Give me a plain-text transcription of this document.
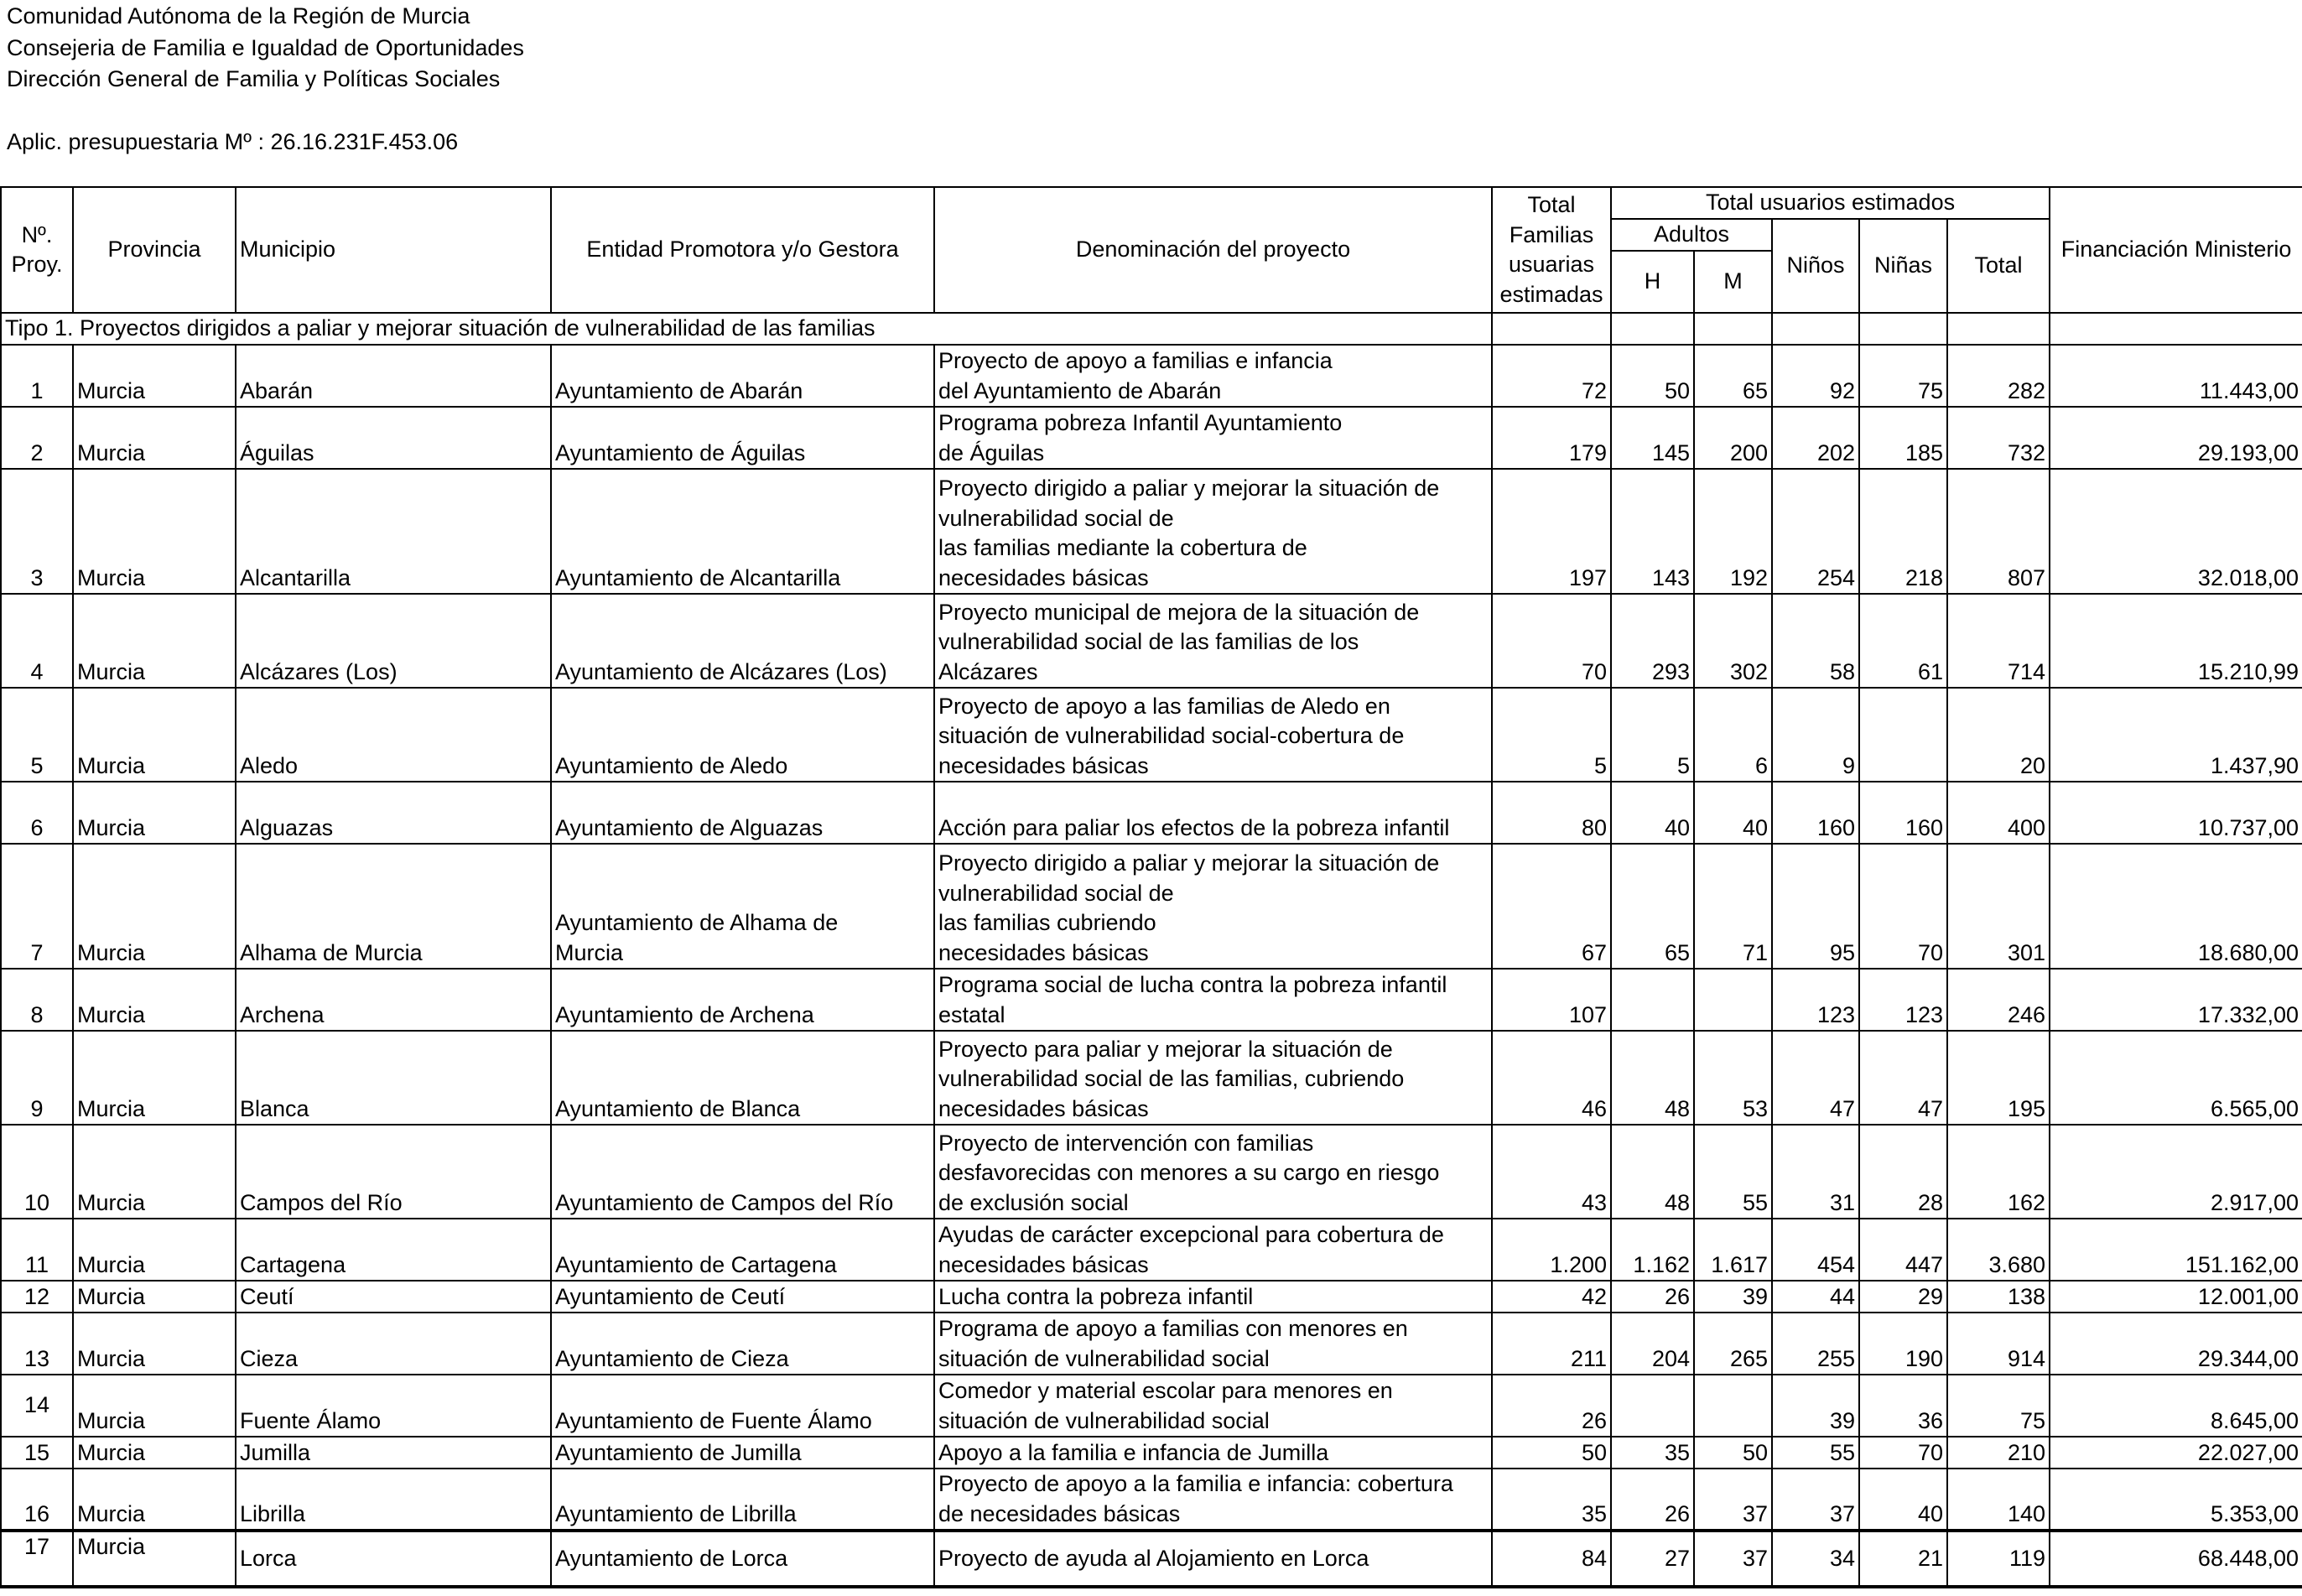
Comunidad Autónoma de la Región de Murcia
Consejeria de Familia e Igualdad de Oportunidades
Dirección General de Familia y Políticas Sociales
Aplic. presupuestaria Mº : 26.16.231F.453.06
Nº.
Proy.	Provincia	Municipio	Entidad Promotora y/o Gestora	Denominación del proyecto	Total Familias usuarias estimadas	Total usuarios estimados					Financiación Ministerio
						Adultos		Niños	Niñas	Total	
						H	M				
Tipo 1. Proyectos dirigidos a paliar y mejorar situación de vulnerabilidad de las familias											
1	Murcia	Abarán	Ayuntamiento de Abarán	Proyecto de apoyo a familias e infancia
del Ayuntamiento de Abarán	72	50	65	92	75	282	11.443,00
2	Murcia	Águilas	Ayuntamiento de Águilas	Programa pobreza Infantil Ayuntamiento
de Águilas	179	145	200	202	185	732	29.193,00
3	Murcia	Alcantarilla	Ayuntamiento de Alcantarilla	Proyecto dirigido a paliar y mejorar la situación de
vulnerabilidad social de
las familias mediante la cobertura de
necesidades básicas	197	143	192	254	218	807	32.018,00
4	Murcia	Alcázares (Los)	Ayuntamiento de Alcázares (Los)	Proyecto municipal de mejora de la situación de
vulnerabilidad social de las familias de los
Alcázares	70	293	302	58	61	714	15.210,99
5	Murcia	Aledo	Ayuntamiento de Aledo	Proyecto de apoyo a las familias de Aledo en
situación de vulnerabilidad social-cobertura de
necesidades básicas	5	5	6	9		20	1.437,90
6	Murcia	Alguazas	Ayuntamiento de Alguazas	Acción para paliar los efectos de la pobreza infantil	80	40	40	160	160	400	10.737,00
7	Murcia	Alhama de Murcia	Ayuntamiento de Alhama de
Murcia	Proyecto dirigido a paliar y mejorar la situación de
vulnerabilidad social de
las familias cubriendo
necesidades básicas	67	65	71	95	70	301	18.680,00
8	Murcia	Archena	Ayuntamiento de Archena	Programa social de lucha contra la pobreza infantil
estatal	107			123	123	246	17.332,00
9	Murcia	Blanca	Ayuntamiento de Blanca	Proyecto para paliar y mejorar la situación de
vulnerabilidad social de las familias, cubriendo
necesidades básicas	46	48	53	47	47	195	6.565,00
10	Murcia	Campos del Río	Ayuntamiento de Campos del Río	Proyecto de intervención con familias
desfavorecidas con menores a su cargo en riesgo
de exclusión social	43	48	55	31	28	162	2.917,00
11	Murcia	Cartagena	Ayuntamiento de Cartagena	Ayudas de carácter excepcional para cobertura de
necesidades básicas	1.200	1.162	1.617	454	447	3.680	151.162,00
12	Murcia	Ceutí	Ayuntamiento de Ceutí	Lucha contra la pobreza infantil	42	26	39	44	29	138	12.001,00
13	Murcia	Cieza	Ayuntamiento de Cieza	Programa de apoyo a familias con menores en
situación de vulnerabilidad social	211	204	265	255	190	914	29.344,00
14	Murcia	Fuente Álamo	Ayuntamiento de Fuente Álamo	Comedor y material escolar para menores en
situación de vulnerabilidad social	26			39	36	75	8.645,00
15	Murcia	Jumilla	Ayuntamiento de Jumilla	Apoyo a la familia e infancia de Jumilla	50	35	50	55	70	210	22.027,00
16	Murcia	Librilla	Ayuntamiento de Librilla	Proyecto de apoyo a la familia e infancia: cobertura
de necesidades básicas	35	26	37	37	40	140	5.353,00
17	Murcia	Lorca	Ayuntamiento de Lorca	Proyecto de ayuda al Alojamiento en Lorca	84	27	37	34	21	119	68.448,00
